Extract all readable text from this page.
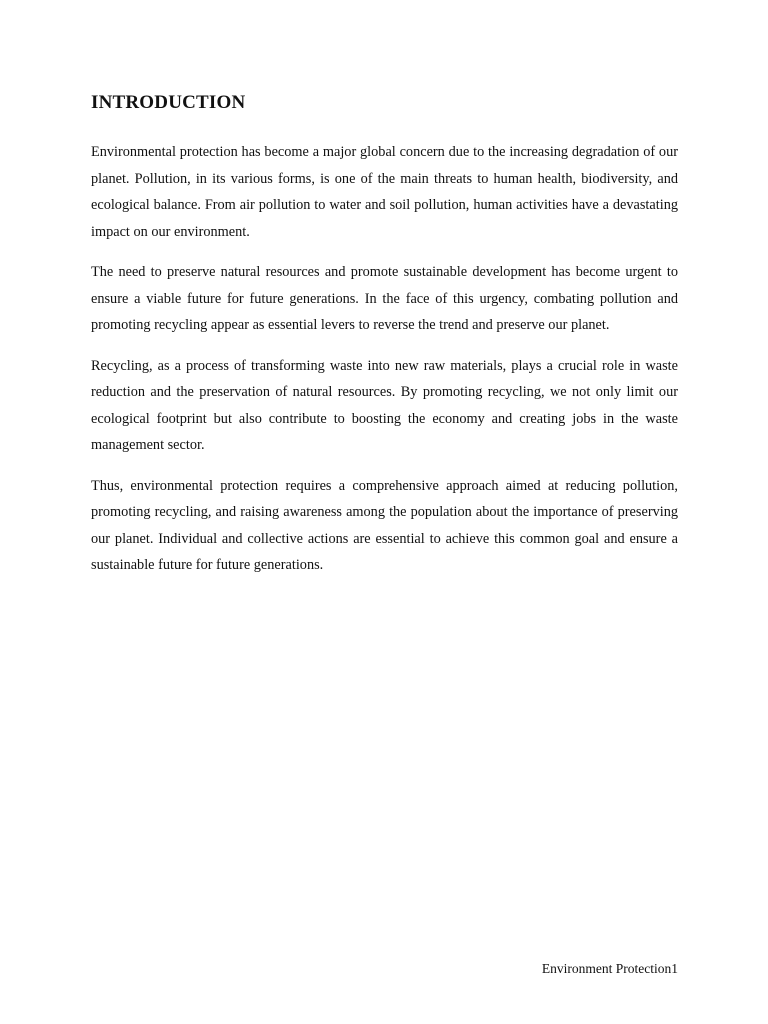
INTRODUCTION

Environmental protection has become a major global concern due to the increasing degradation of our planet. Pollution, in its various forms, is one of the main threats to human health, biodiversity, and ecological balance. From air pollution to water and soil pollution, human activities have a devastating impact on our environment.

The need to preserve natural resources and promote sustainable development has become urgent to ensure a viable future for future generations. In the face of this urgency, combating pollution and promoting recycling appear as essential levers to reverse the trend and preserve our planet.

Recycling, as a process of transforming waste into new raw materials, plays a crucial role in waste reduction and the preservation of natural resources. By promoting recycling, we not only limit our ecological footprint but also contribute to boosting the economy and creating jobs in the waste management sector.

Thus, environmental protection requires a comprehensive approach aimed at reducing pollution, promoting recycling, and raising awareness among the population about the importance of preserving our planet. Individual and collective actions are essential to achieve this common goal and ensure a sustainable future for future generations.

Environment Protection1
